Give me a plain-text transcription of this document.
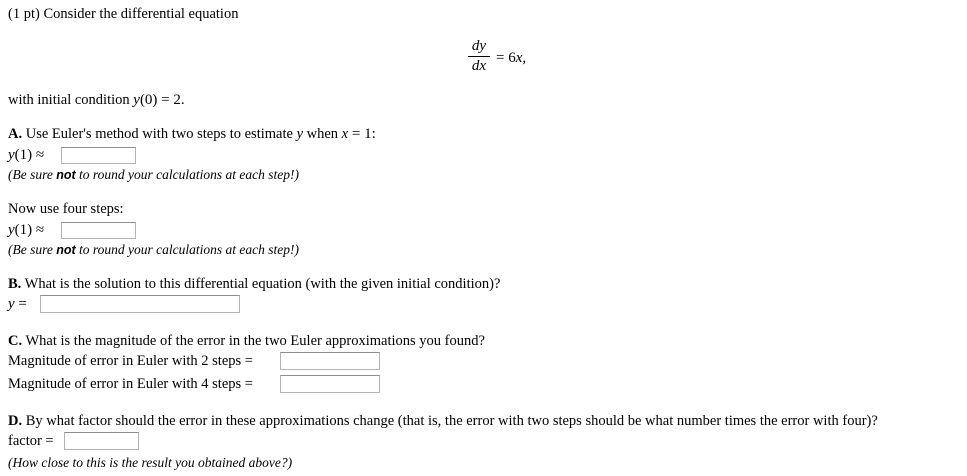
(1 pt) Consider the differential equation
dy
dx = 6x,
with initial condition y(0) = 2.
A. Use Euler's method with two steps to estimate y when x = 1:
y(1) ≈
(Be sure not to round your calculations at each step!)
Now use four steps:
y(1) ≈
(Be sure not to round your calculations at each step!)
B. What is the solution to this differential equation (with the given initial condition)?
y =
C. What is the magnitude of the error in the two Euler approximations you found?
Magnitude of error in Euler with 2 steps =
Magnitude of error in Euler with 4 steps =
D. By what factor should the error in these approximations change (that is, the error with two steps should be what number times the error with four)?
factor =
(How close to this is the result you obtained above?)
